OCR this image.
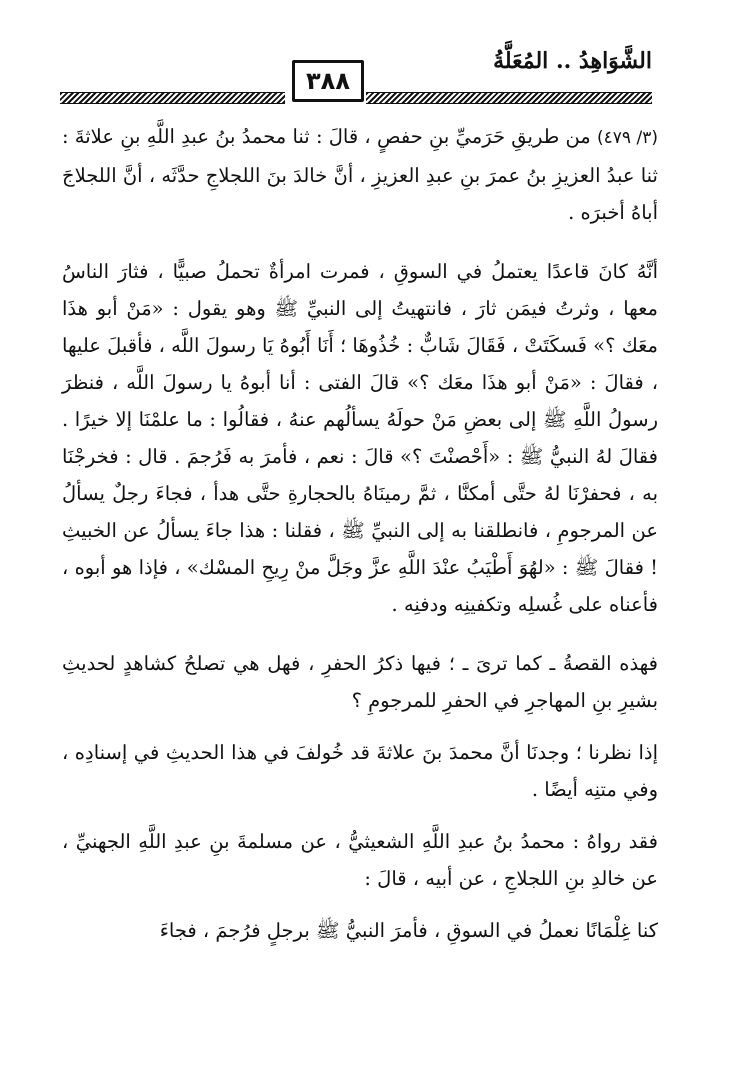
الشَّوَاهِدُ .. المُعَلَّةُ
٣٨٨

(٣/ ٤٧٩) من طريقِ حَرَميِّ بنِ حفصٍ ، قالَ : ثنا محمدُ بنُ عبدِ اللَّهِ بنِ علاثةَ : ثنا عبدُ العزيزِ بنُ عمرَ بنِ عبدِ العزيزِ ، أنَّ خالدَ بنَ اللجلاجِ حدَّثَه ، أنَّ اللجلاجَ أباهُ أخبرَه .

أنَّهُ كانَ قاعدًا يعتملُ في السوقِ ، فمرت امرأةٌ تحملُ صبيًّا ، فثارَ الناسُ معها ، وثرتُ فيمَن ثارَ ، فانتهيتُ إلى النبيِّ ﷺ وهو يقول : «مَنْ أبو هذَا معَك ؟» فَسكَتَتْ ، فَقَالَ شَابٌّ : خُذُوهَا ؛ أَنَا أَبُوهُ يَا رسولَ اللَّه ، فأقبلَ عليها ، فقالَ : «مَنْ أبو هذَا معَك ؟» قالَ الفتى : أنا أبوهُ يا رسولَ اللَّه ، فنظرَ رسولُ اللَّهِ ﷺ إلى بعضِ مَنْ حولَهُ يسألُهم عنهُ ، فقالُوا : ما علمْنَا إلا خيرًا . فقالَ لهُ النبيُّ ﷺ : «أَحْصنْتَ ؟» قالَ : نعم ، فأمرَ به فَرُجمَ . قال : فخرجْنَا به ، فحفرْنَا لهُ حتَّى أمكنَّا ، ثمَّ رمينَاهُ بالحجارةِ حتَّى هدأ ، فجاءَ رجلٌ يسألُ عن المرجومِ ، فانطلقنا به إلى النبيِّ ﷺ ، فقلنا : هذا جاءَ يسألُ عن الخبيثِ ! فقالَ ﷺ : «لهُوَ أَطْيَبُ عنْدَ اللَّهِ عزَّ وجَلَّ منْ رِيحِ المسْك» ، فإذا هو أبوه ، فأعناه على غُسلِه وتكفينِه ودفنِه .

فهذه القصةُ ـ كما ترىَ ـ ؛ فيها ذكرُ الحفرِ ، فهل هي تصلحُ كشاهدٍ لحديثِ بشيرِ بنِ المهاجرِ في الحفرِ للمرجومِ ؟

إذا نظرنا ؛ وجدنَا أنَّ محمدَ بنَ علاثةَ قد خُولفَ في هذا الحديثِ في إسنادِه ، وفي متنِه أيضًا .

فقد رواهُ : محمدُ بنُ عبدِ اللَّهِ الشعيثيُّ ، عن مسلمةَ بنِ عبدِ اللَّهِ الجهنيِّ ، عن خالدِ بنِ اللجلاجِ ، عن أبيه ، قالَ :

كنا غِلْمَانًا نعملُ في السوقِ ، فأمرَ النبيُّ ﷺ برجلٍ فرُجمَ ، فجاءَ
